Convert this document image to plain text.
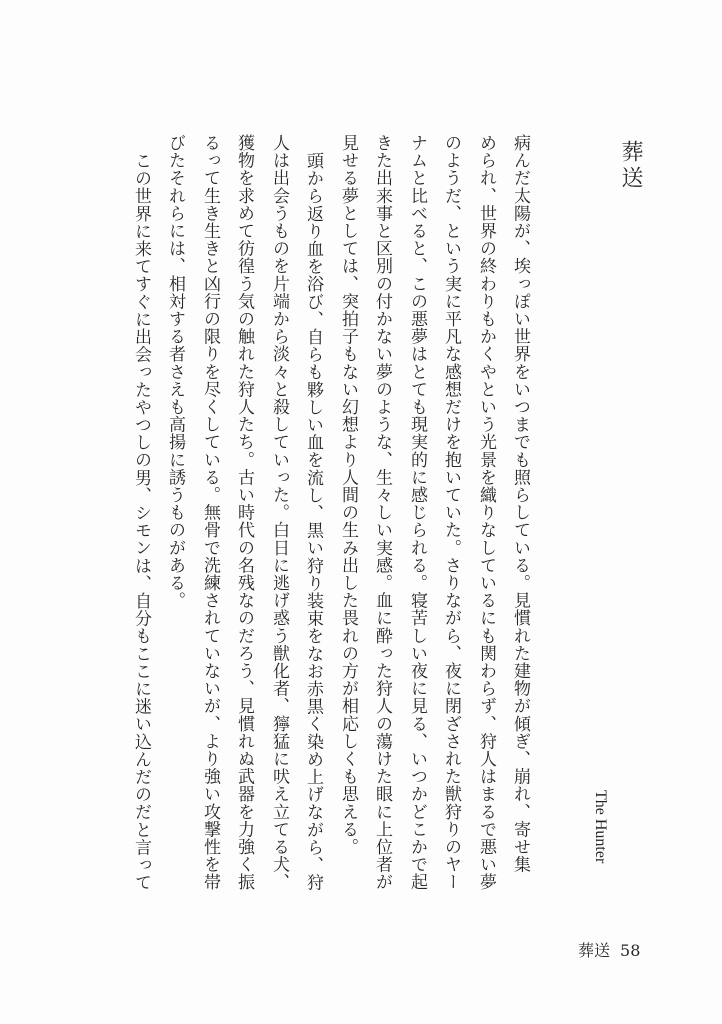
葬送
The Hunter
病んだ太陽が、埃っぽい世界をいつまでも照らしている。見慣れた建物が傾ぎ、崩れ、寄せ集
められ、世界の終わりもかくやという光景を織りなしているにも関わらず、狩人はまるで悪い夢
のようだ、という実に平凡な感想だけを抱いていた。さりながら、夜に閉ざされた獣狩りのヤー
ナムと比べると、この悪夢はとても現実的に感じられる。寝苦しい夜に見る、いつかどこかで起
きた出来事と区別の付かない夢のような、生々しい実感。血に酔った狩人の蕩けた眼に上位者が
見せる夢としては、突拍子もない幻想より人間の生み出した畏れの方が相応しくも思える。
頭から返り血を浴び、自らも夥しい血を流し、黒い狩り装束をなお赤黒く染め上げながら、狩
人は出会うものを片端から淡々と殺していった。白日に逃げ惑う獣化者、獰猛に吠え立てる犬、
獲物を求めて彷徨う気の触れた狩人たち。古い時代の名残なのだろう、見慣れぬ武器を力強く振
るって生き生きと凶行の限りを尽くしている。無骨で洗練されていないが、より強い攻撃性を帯
びたそれらには、相対する者さえも高揚に誘うものがある。
この世界に来てすぐに出会ったやつしの男、シモンは、自分もここに迷い込んだのだと言って
葬送 58
